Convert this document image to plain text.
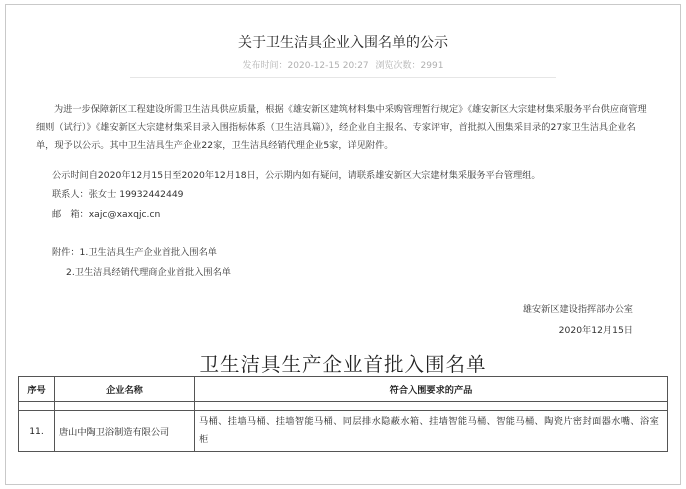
关于卫生洁具企业入围名单的公示
发布时间：2020-12-15 20:27 浏览次数：2991
为进一步保障新区工程建设所需卫生洁具供应质量，根据《雄安新区建筑材料集中采购管理暂行规定》《雄安新区大宗建材集采服务平台供应商管理细则（试行）》《雄安新区大宗建材集采目录入围指标体系（卫生洁具篇）》，经企业自主报名、专家评审，首批拟入围集采目录的27家卫生洁具企业名单，现予以公示。其中卫生洁具生产企业22家，卫生洁具经销代理企业5家，详见附件。
公示时间自2020年12月15日至2020年12月18日，公示期内如有疑问，请联系雄安新区大宗建材集采服务平台管理组。
联系人：张女士 19932442449
邮　箱：xajc@xaxqjc.cn
附件：1.卫生洁具生产企业首批入围名单
2.卫生洁具经销代理商企业首批入围名单
雄安新区建设指挥部办公室
2020年12月15日
卫生洁具生产企业首批入围名单
序号	企业名称	符合入围要求的产品

11.	唐山中陶卫浴制造有限公司	马桶、挂墙马桶、挂墙智能马桶、同层排水隐蔽水箱、挂墙智能马桶、智能马桶、陶瓷片密封面器水嘴、浴室柜
